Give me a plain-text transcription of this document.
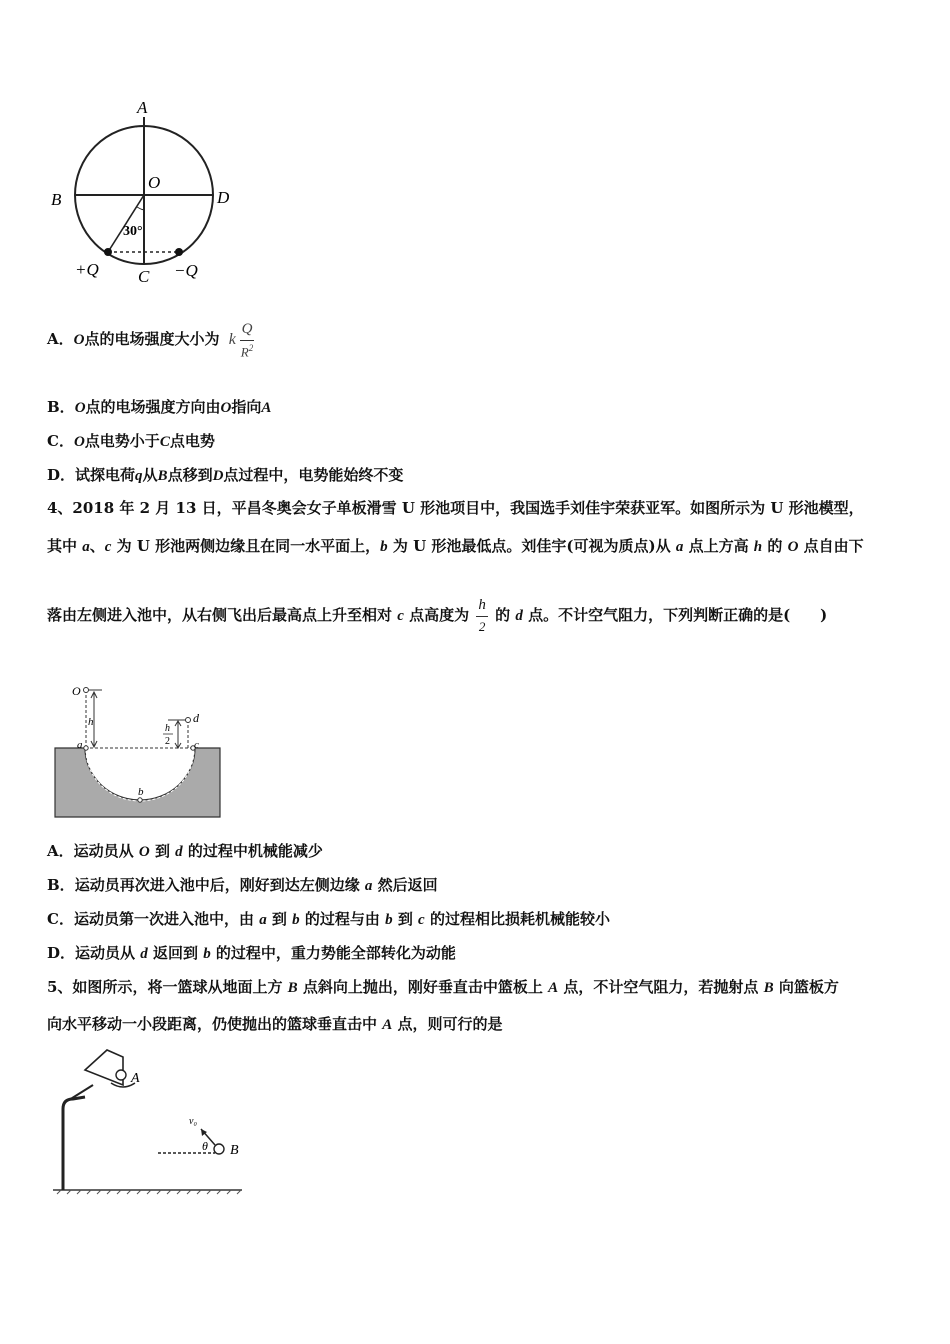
A
O
B	D
30°
+Q C −Q
A．O点的电场强度大小为 k $\frac{Q}{R^2}$
B．O点的电场强度方向由O指向A
C．O点电势小于C点电势
D．试探电荷q从B点移到D点过程中，电势能始终不变
4、2018 年 2 月 13 日，平昌冬奥会女子单板滑雪 U 形池项目中，我国选手刘佳宇荣获亚军。如图所示为 U 形池模型，
其中 a、c 为 U 形池两侧边缘且在同一水平面上，b 为 U 形池最低点。刘佳宇(可视为质点)从 a 点上方高 h 的 O 点自由下
落由左侧进入池中，从右侧飞出后最高点上升至相对 c 点高度为 $\frac{h}{2}$ 的 d 点。不计空气阻力，下列判断正确的是(　　)
O
h	d
h
2
a	c
b
A．运动员从 O 到 d 的过程中机械能减少
B．运动员再次进入池中后，刚好到达左侧边缘 a 然后返回
C．运动员第一次进入池中，由 a 到 b 的过程与由 b 到 c 的过程相比损耗机械能较小
D．运动员从 d 返回到 b 的过程中，重力势能全部转化为动能
5、如图所示，将一篮球从地面上方 B 点斜向上抛出，刚好垂直击中篮板上 A 点，不计空气阻力，若抛射点 B 向篮板方
向水平移动一小段距离，仍使抛出的篮球垂直击中 A 点，则可行的是
A
v₀
θ B
